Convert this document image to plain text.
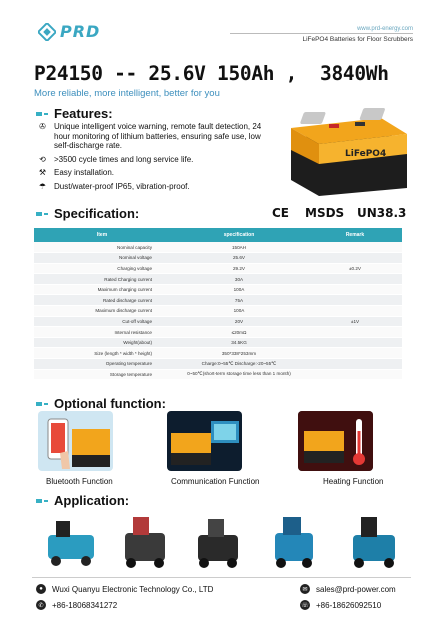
PRD	www.prd-energy.com
LiFePO4 Batteries for Floor Scrubbers
P24150 -- 25.6V 150Ah ,  3840Wh
More reliable, more intelligent, better for you
Features:
✇ Unique intelligent voice warning, remote fault detection, 24 hour monitoring of lithium batteries, ensuring safe use, low self-discharge rate.
⟲ >3500 cycle times and long service life.
⚒ Easy installation.
☂ Dust/water-proof IP65, vibration-proof.
LiFePO4
Specification:	CE MSDS UN38.3
Item	specification	Remark
Nominal capacity	150AH	
Nominal voltage	25.6V	
Charging voltage	29.2V	±0.2V
Rated Charging current	30A	
Maximum charging current	100A	
Rated discharge current	75A	
Maximum discharge current	100A	
Cut-off voltage	20V	±1V
Internal resistance	≤20mΩ	
Weight(about)	34.5KG	
Size (length * width * height)	350*338*253mm	
Operating temperature	Charge:0~55℃ Discharge:-20~55℃	
Storage temperature	0~50℃(short-term storage time less than 1 month)	
Optional function:
Bluetooth Function	Communication Function	Heating Function
Application:
●	Wuxi Quanyu Electronic Technology Co., LTD
✆	+86-18068341272
✉	sales@prd-power.com
☏ +86-18626092510
